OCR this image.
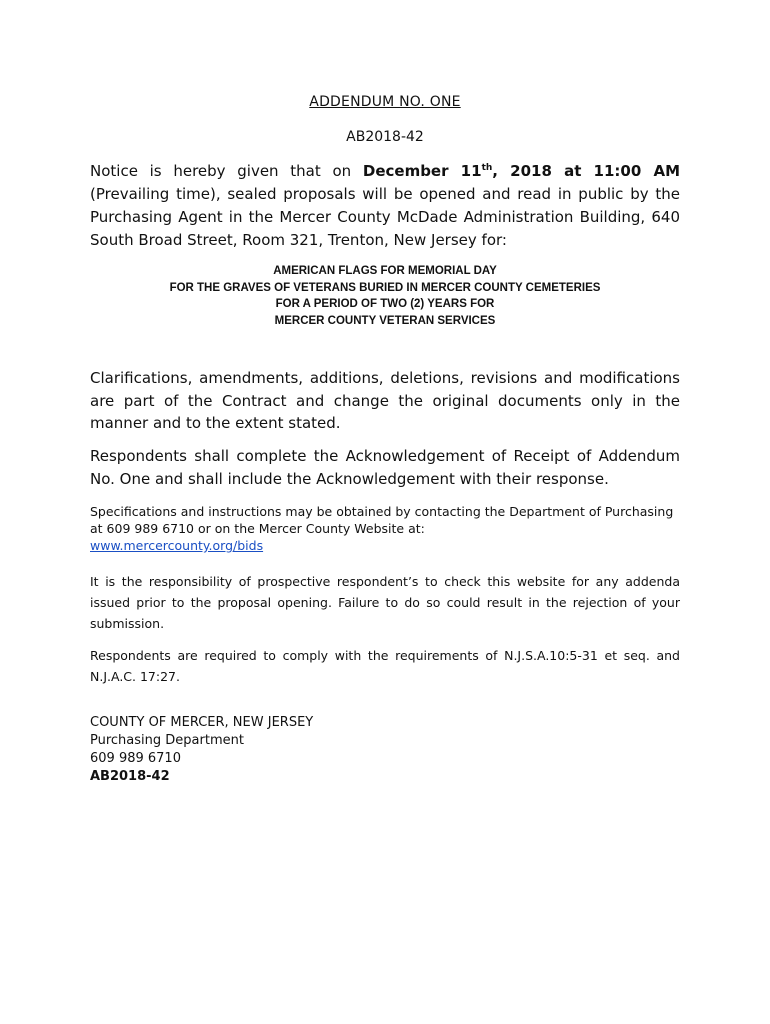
ADDENDUM NO. ONE
AB2018-42
Notice is hereby given that on December 11th, 2018 at 11:00 AM (Prevailing time), sealed proposals will be opened and read in public by the Purchasing Agent in the Mercer County McDade Administration Building, 640 South Broad Street, Room 321, Trenton, New Jersey for:
AMERICAN FLAGS FOR MEMORIAL DAY
FOR THE GRAVES OF VETERANS BURIED IN MERCER COUNTY CEMETERIES
FOR A PERIOD OF TWO (2) YEARS FOR
MERCER COUNTY VETERAN SERVICES
Clarifications, amendments, additions, deletions, revisions and modifications are part of the Contract and change the original documents only in the manner and to the extent stated.
Respondents shall complete the Acknowledgement of Receipt of Addendum No. One and shall include the Acknowledgement with their response.
Specifications and instructions may be obtained by contacting the Department of Purchasing at 609 989 6710 or on the Mercer County Website at:
www.mercercounty.org/bids
It is the responsibility of prospective respondent’s to check this website for any addenda issued prior to the proposal opening. Failure to do so could result in the rejection of your submission.
Respondents are required to comply with the requirements of N.J.S.A.10:5-31 et seq. and N.J.A.C. 17:27.
COUNTY OF MERCER, NEW JERSEY
Purchasing Department
609 989 6710
AB2018-42
